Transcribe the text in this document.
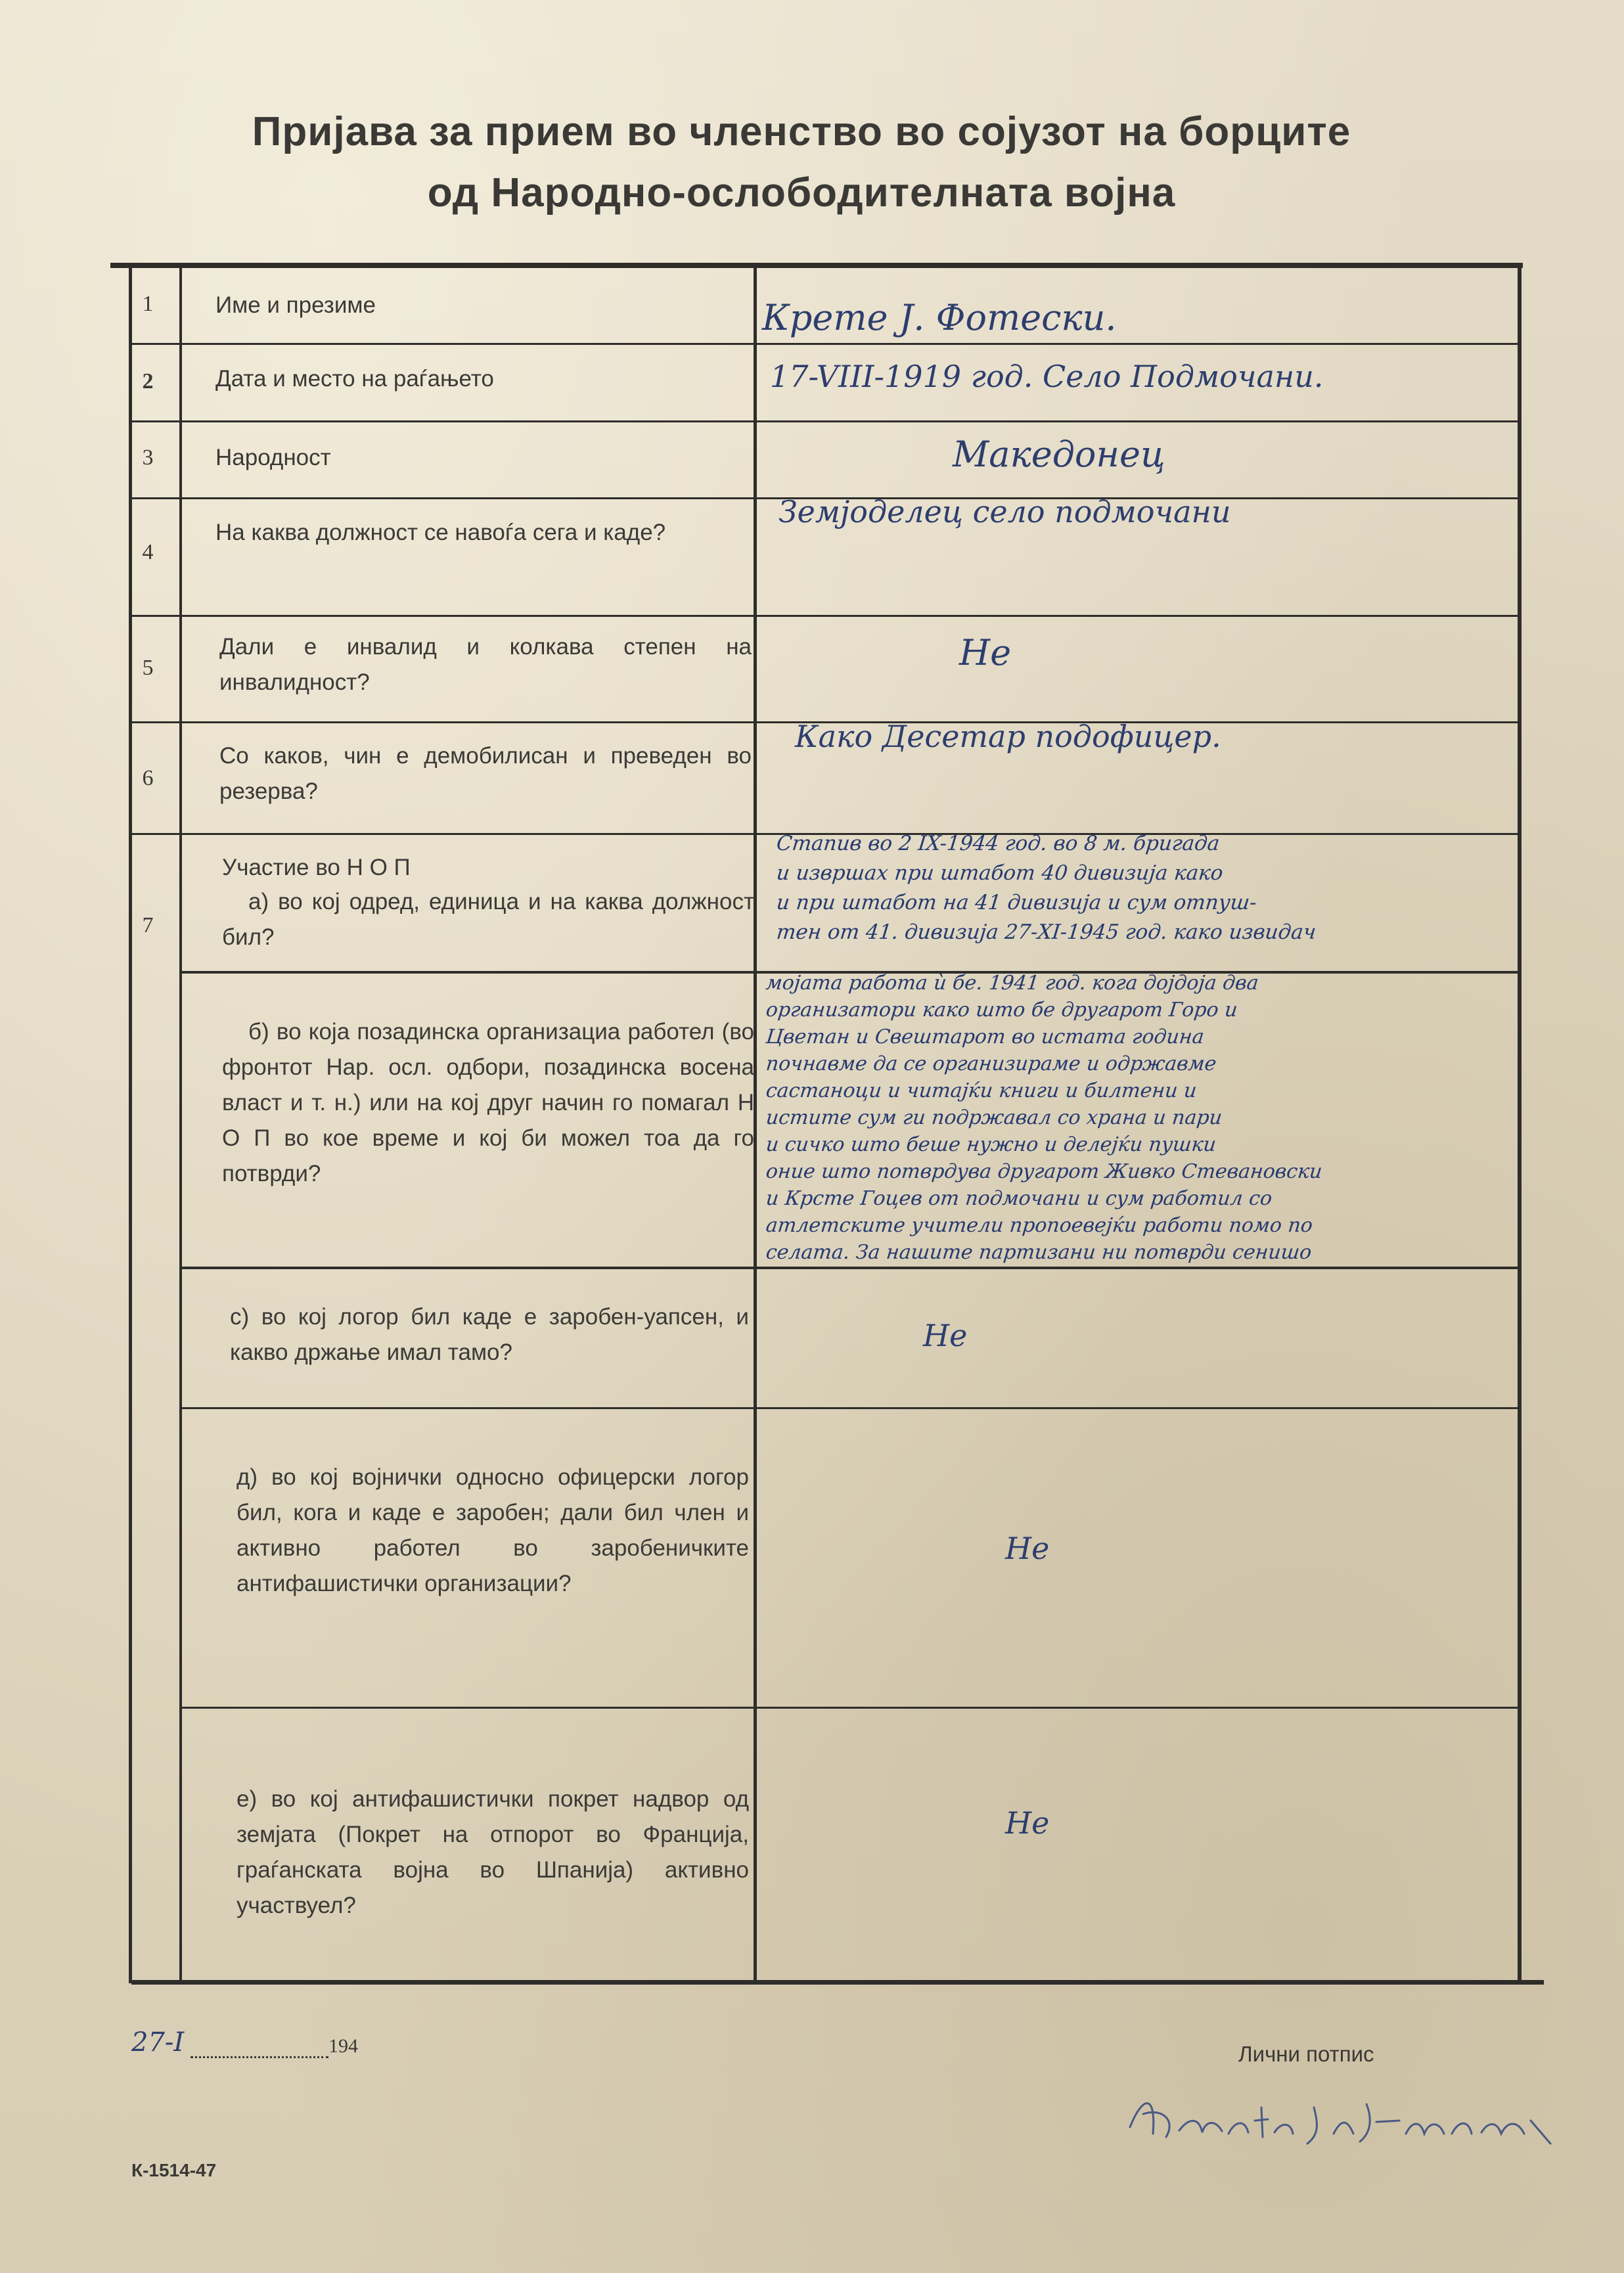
Пријава за прием во членство во сојузот на борците
од Народно-ослободителната војна
1
2
3
4
5
6
7
Име и презиме
Дата и место на раѓањето
Народност
На каква должност се навоѓа сега и каде?
Дали е инвалид и колкава степен на инвалидност?
Со каков, чин е демобилисан и преведен во резерва?
Участие во Н О П
а) во кој одред, единица и на каква должност бил?
б) во која позадинска организациа работел (во фронтот Нар. осл. одбори, позадинска восена власт и т. н.) или на кој друг начин го помагал Н О П во кое време и кој би можел тоа да го потврди?
с) во кој логор бил каде е заробен-уапсен, и какво држање имал тамо?
д) во кој војнички односно офицерски логор бил, кога и каде е заробен; дали бил член и активно работел во заробеничките антифашистички организации?
е) во кој антифашистички покрет надвор од земјата (Покрет на отпорот во Франција, граѓанската војна во Шпанија) активно участвуел?
Крете Ј. Фотески.
17-VIII-1919 год. Село Подмочани.
Македонец
Земјоделец село подмочани
Не
Како Десетар подофицер.
Стапив во 2 IX-1944 год. во 8 м. бригада
и извршах при штабот 40 дивизија како
и при штабот на 41 дивизија и сум отпуш-
тен от 41. дивизија 27-XI-1945 год. како извидач
мојата работа ѝ бе. 1941 год. кога дојдоја два
организатори како што бе другарот Горо и
Цветан и Свештарот во истата година
почнавме да се организираме и одржавме
састаноци и читајќи книги и билтени и
истите сум ги подржавал со храна и пари
и сичко што беше нужно и делејќи пушки
оние што потврдува другарот Живко Стевановски
и Крсте Гоцев от подмочани и сум работил со
атлетските учители пропоевејќи работи помо по
селата. За нашите партизани ни потврди сенишо
Не
Не
Не
27-I	194	Лични потпис
К-1514-47
